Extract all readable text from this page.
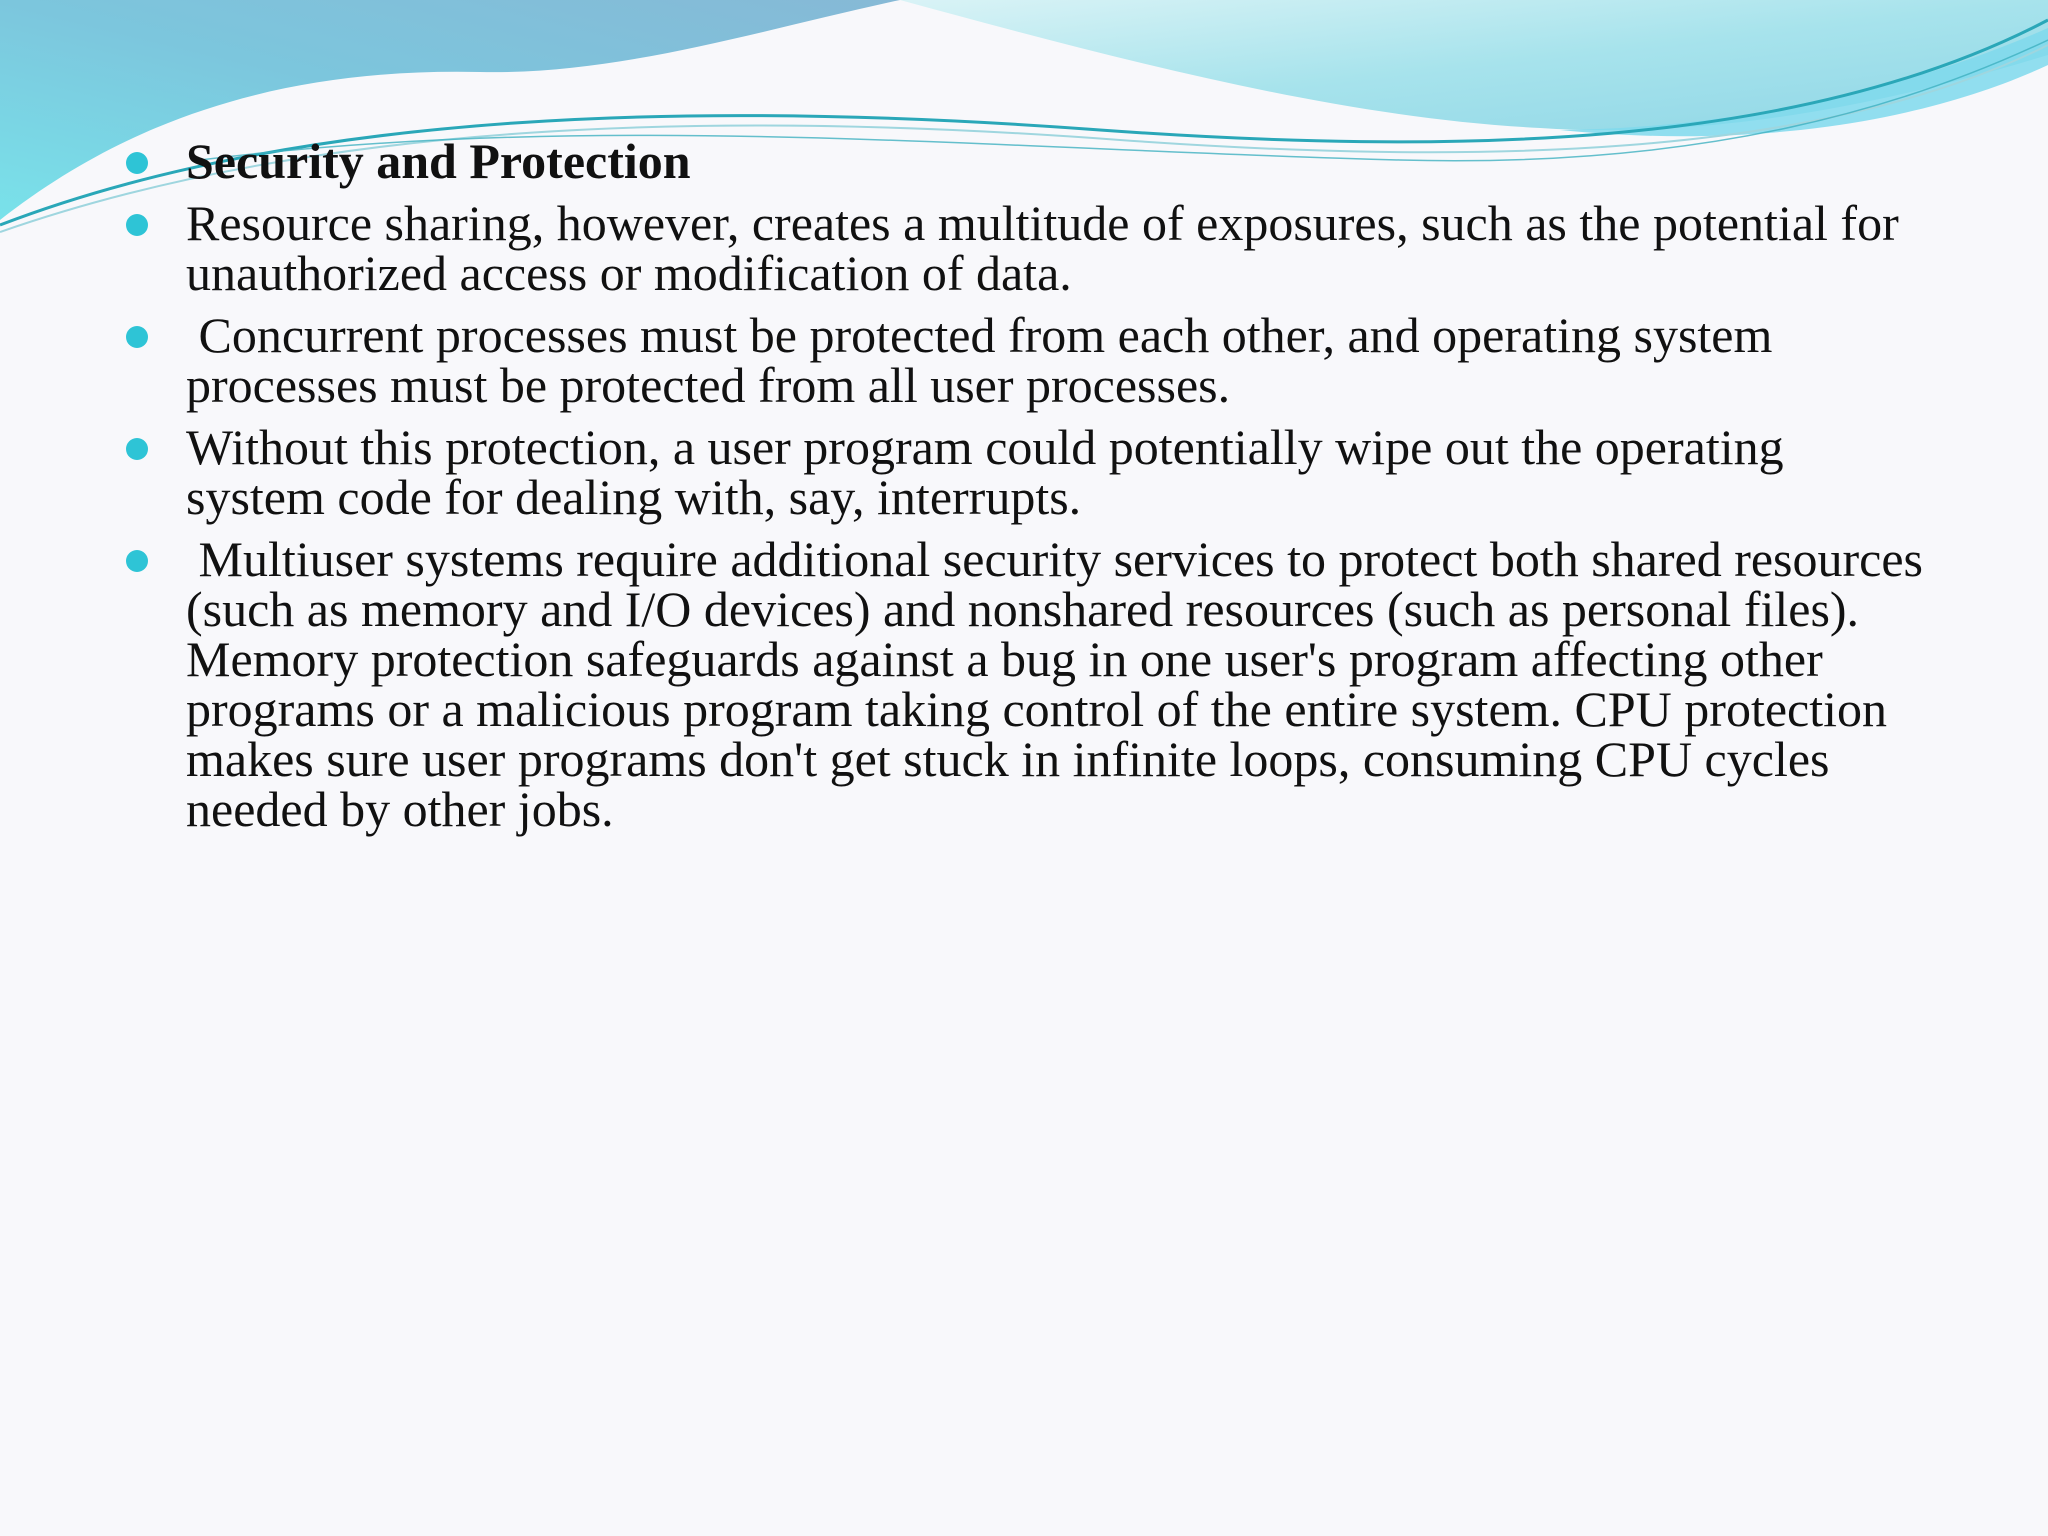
Security and Protection
Resource sharing, however, creates a multitude of exposures, such as the potential for unauthorized access or modification of data.
Concurrent processes must be protected from each other, and operating system processes must be protected from all user processes.
Without this protection, a user program could potentially wipe out the operating system code for dealing with, say, interrupts.
Multiuser systems require additional security services to protect both shared resources (such as memory and I/O devices) and nonshared resources (such as personal files). Memory protection safeguards against a bug in one user's program affecting other programs or a malicious program taking control of the entire system. CPU protection makes sure user programs don't get stuck in infinite loops, consuming CPU cycles needed by other jobs.
